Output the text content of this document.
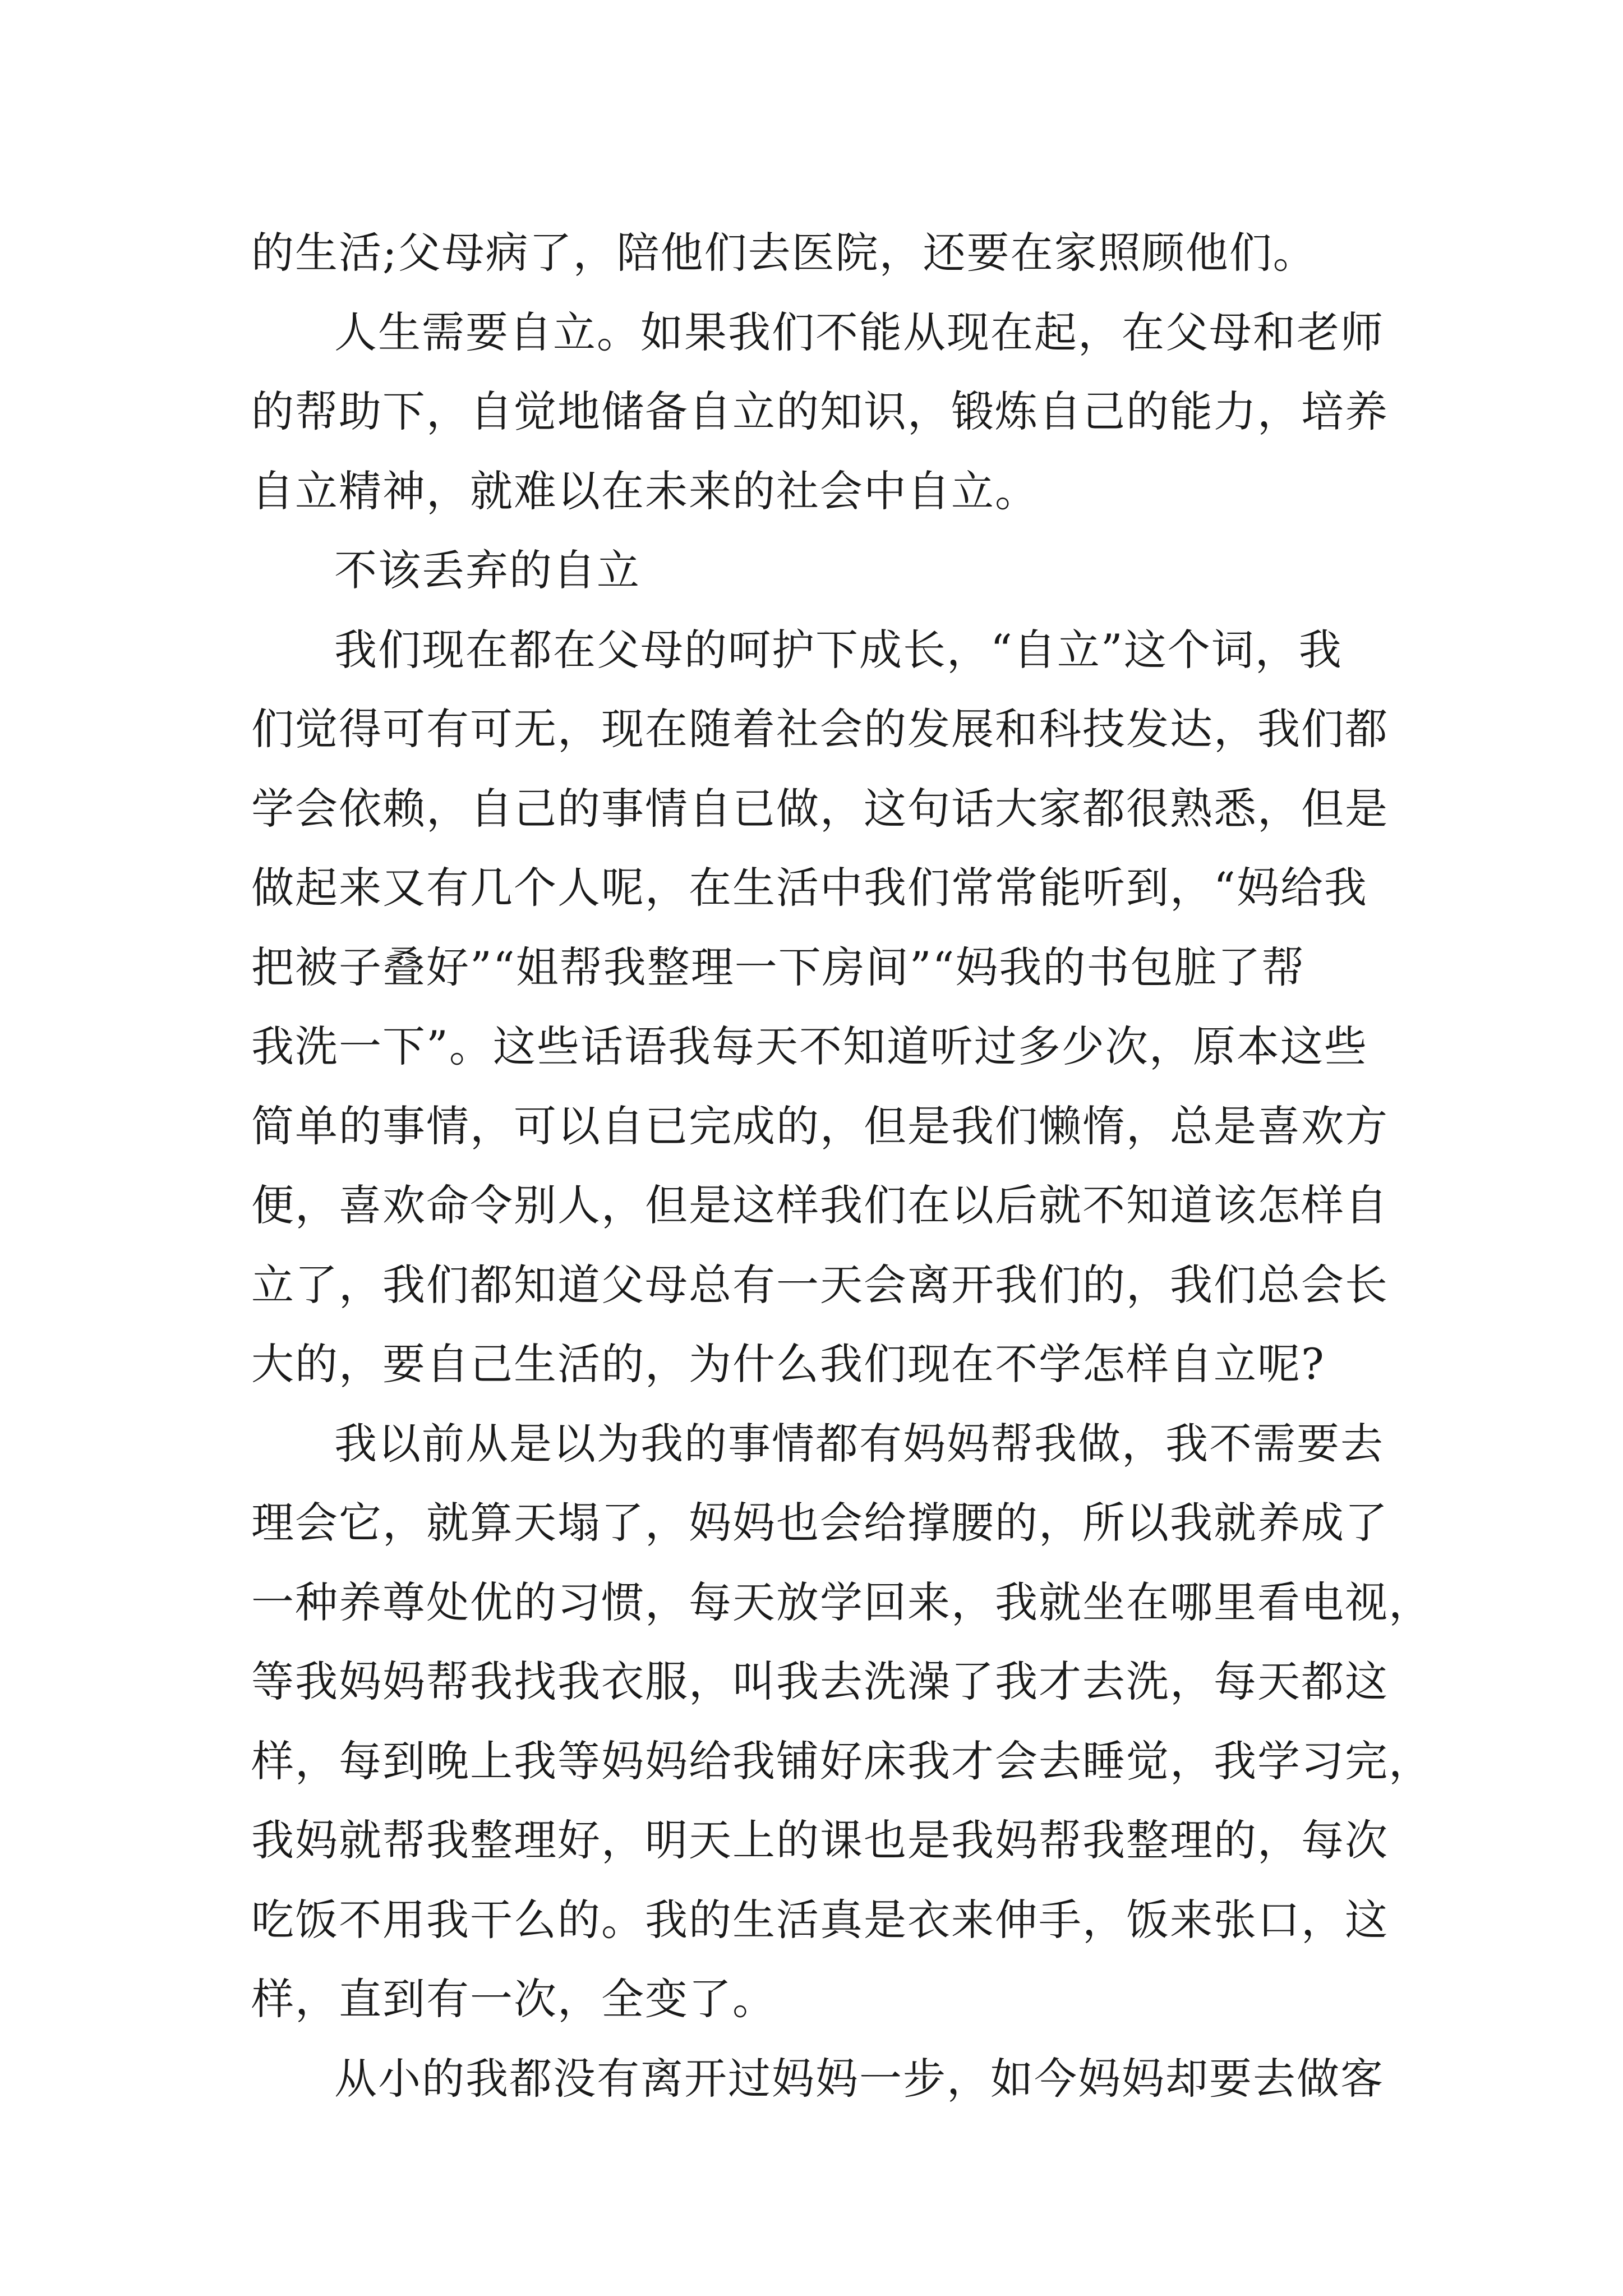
的生活;父母病了，陪他们去医院，还要在家照顾他们。
人生需要自立。如果我们不能从现在起，在父母和老师
的帮助下，自觉地储备自立的知识，锻炼自己的能力，培养
自立精神，就难以在未来的社会中自立。
不该丢弃的自立
我们现在都在父母的呵护下成长，“自立”这个词，我
们觉得可有可无，现在随着社会的发展和科技发达，我们都
学会依赖，自己的事情自已做，这句话大家都很熟悉，但是
做起来又有几个人呢，在生活中我们常常能听到，“妈给我
把被子叠好”“姐帮我整理一下房间”“妈我的书包脏了帮
我洗一下”。这些话语我每天不知道听过多少次，原本这些
简单的事情，可以自已完成的，但是我们懒惰，总是喜欢方
便，喜欢命令别人，但是这样我们在以后就不知道该怎样自
立了，我们都知道父母总有一天会离开我们的，我们总会长
大的，要自己生活的，为什么我们现在不学怎样自立呢?
我以前从是以为我的事情都有妈妈帮我做，我不需要去
理会它，就算天塌了，妈妈也会给撑腰的，所以我就养成了
一种养尊处优的习惯，每天放学回来，我就坐在哪里看电视，
等我妈妈帮我找我衣服，叫我去洗澡了我才去洗，每天都这
样，每到晚上我等妈妈给我铺好床我才会去睡觉，我学习完，
我妈就帮我整理好，明天上的课也是我妈帮我整理的，每次
吃饭不用我干么的。我的生活真是衣来伸手，饭来张口，这
样，直到有一次，全变了。
从小的我都没有离开过妈妈一步，如今妈妈却要去做客
